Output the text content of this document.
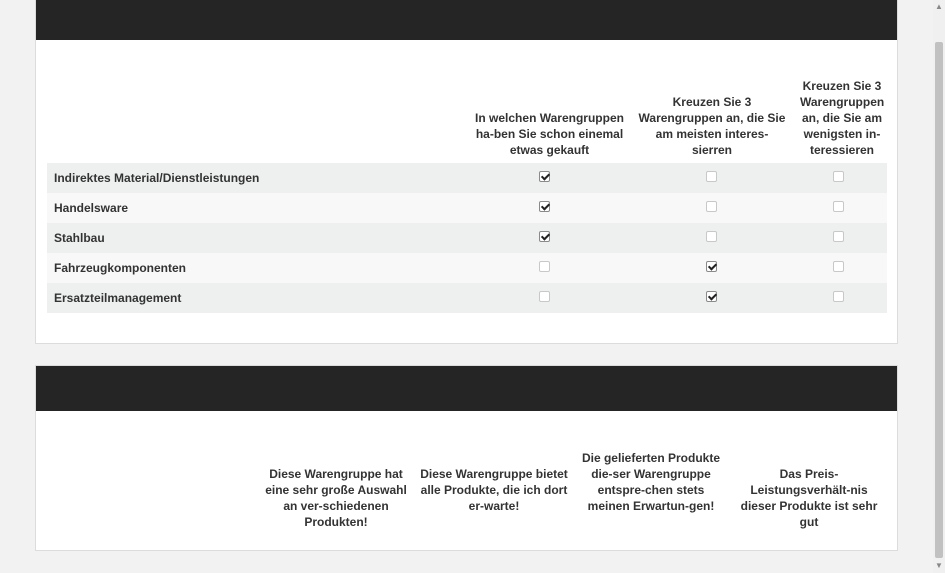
In welchen Warengruppen ha-ben Sie schon einemal etwas gekauft
Kreuzen Sie 3 Warengruppen an, die Sie am meisten interes-sierren
Kreuzen Sie 3 Warengruppen an, die Sie am wenigsten in-teressieren
Indirektes Material/Dienstleistungen
Handelsware
Stahlbau
Fahrzeugkomponenten
Ersatzteilmanagement
Diese Warengruppe hat eine sehr große Auswahl an ver-schiedenen Produkten!
Diese Warengruppe bietet alle Produkte, die ich dort er-warte!
Die gelieferten Produkte die-ser Warengruppe entspre-chen stets meinen Erwartun-gen!
Das Preis-Leistungsverhält-nis dieser Produkte ist sehr gut
▲
▼
